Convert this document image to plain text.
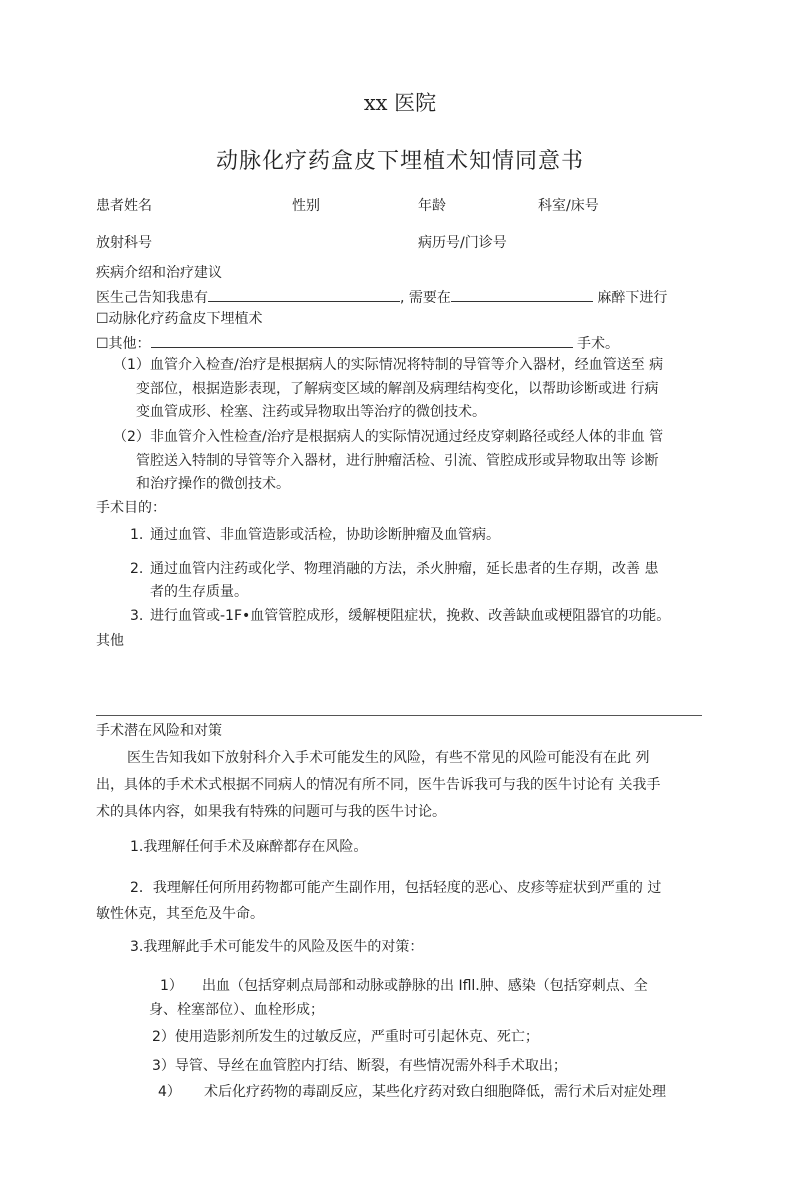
xx 医院
动脉化疗药盒皮下埋植术知情同意书
患者姓名	性别	年龄	科室/床号
放射科号	病历号/门诊号
疾病介绍和治疗建议
医生己告知我患有	, 需要在	麻醉下进行
☐动脉化疗药盒皮下埋植术
☐其他：	手术。
（1） 血管介入检查/治疗是根据病人的实际情况将特制的导管等介入器材，经血管送至 病
变部位，根据造影表现，了解病变区域的解剖及病理结构变化，以帮助诊断或进 行病
变血管成形、栓塞、注药或异物取出等治疗的微创技术。
（2） 非血管介入性检查/治疗是根据病人的实际情况通过经皮穿刺路径或经人体的非血 管
管腔送入特制的导管等介入器材，进行肿瘤活检、引流、管腔成形或异物取出等 诊断
和治疗操作的微创技术。
手术目的：
1. 通过血管、非血管造影或活检，协助诊断肿瘤及血管病。
2. 通过血管内注药或化学、物理消融的方法，杀火肿瘤，延长患者的生存期，改善 患
者的生存质量。
3. 进行血管或-1F•血管管腔成形，缓解梗阻症状，挽救、改善缺血或梗阻器官的功能。
其他
手术潜在风险和对策
医生告知我如下放射科介入手术可能发生的风险，有些不常见的风险可能没有在此 列
出，具体的手术术式根据不同病人的情况有所不同，医牛告诉我可与我的医牛讨论有 关我手
术的具体内容，如果我有特殊的问题可与我的医牛讨论。
1.我理解任何手术及麻醉都存在风险。
2．我理解任何所用药物都可能产生副作用，包括轻度的恶心、皮疹等症状到严重的 过
敏性休克，其至危及牛命。
3.我理解此手术可能发牛的风险及医牛的对策：
1） 出血（包括穿刺点局部和动脉或静脉的出 Ifll.肿、感染（包括穿刺点、全
身、栓塞部位）、血栓形成；
2）使用造影剂所发生的过敏反应，严重时可引起休克、死亡；
3）导管、导丝在血管腔内打结、断裂，有些情况需外科手术取出；
4） 术后化疗药物的毒副反应，某些化疗药对致白细胞降低，需行术后对症处理
